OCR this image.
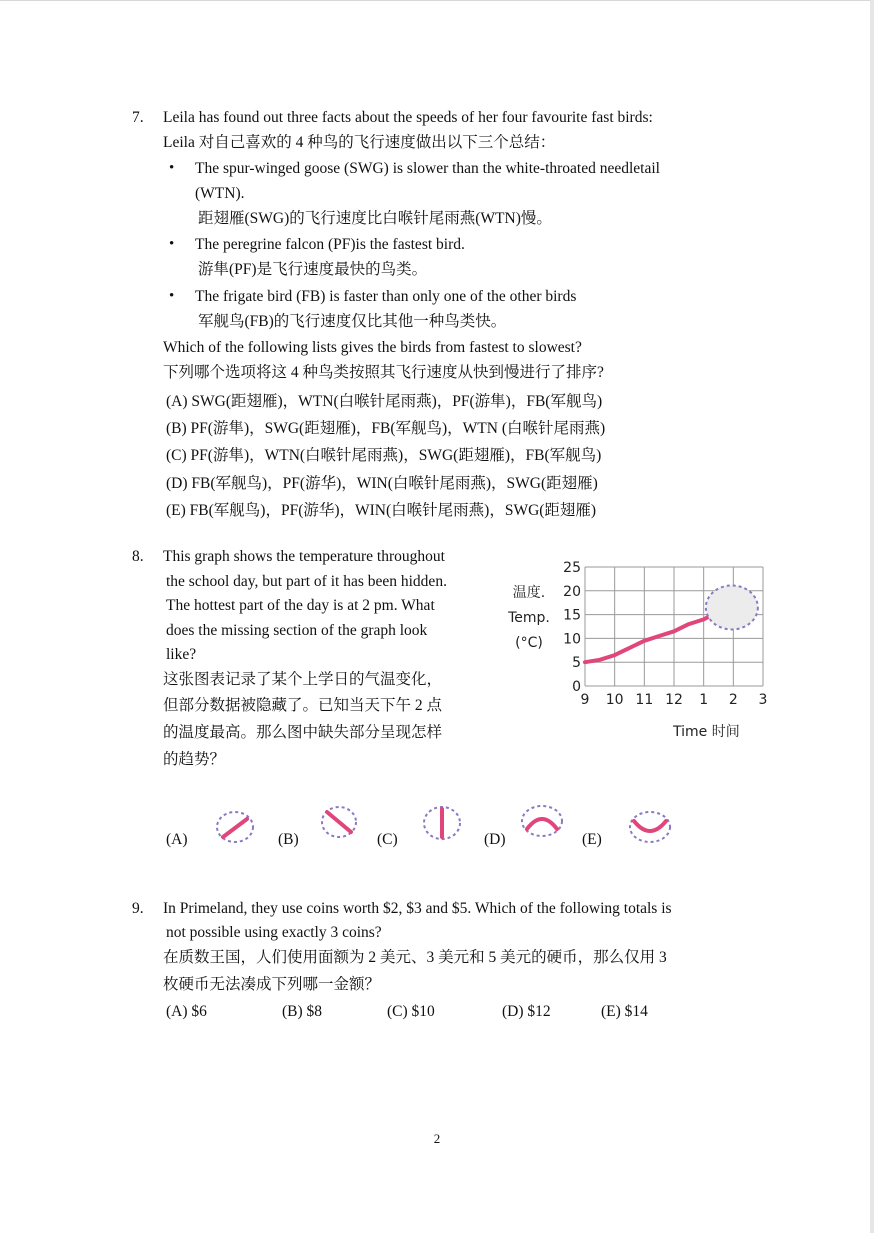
7. Leila has found out three facts about the speeds of her four favourite fast birds:
Leila 对自己喜欢的 4 种鸟的飞行速度做出以下三个总结：
• The spur-winged goose (SWG) is slower than the white-throated needletail
(WTN).
距翅雁(SWG)的飞行速度比白喉针尾雨燕(WTN)慢。
• The peregrine falcon (PF)is the fastest bird.
游隼(PF)是飞行速度最快的鸟类。
• The frigate bird (FB) is faster than only one of the other birds
军舰鸟(FB)的飞行速度仅比其他一种鸟类快。
Which of the following lists gives the birds from fastest to slowest?
下列哪个选项将这 4 种鸟类按照其飞行速度从快到慢进行了排序?
(A) SWG(距翅雁)，WTN(白喉针尾雨燕)，PF(游隼)，FB(军舰鸟)
(B) PF(游隼)，SWG(距翅雁)，FB(军舰鸟)，WTN (白喉针尾雨燕)
(C) PF(游隼)，WTN(白喉针尾雨燕)，SWG(距翅雁)，FB(军舰鸟)
(D) FB(军舰鸟)，PF(游华)，WIN(白喉针尾雨燕)，SWG(距翅雁)
(E) FB(军舰鸟)，PF(游华)，WIN(白喉针尾雨燕)，SWG(距翅雁)
8. This graph shows the temperature throughout
the school day, but part of it has been hidden.
The hottest part of the day is at 2 pm. What
does the missing section of the graph look
like?
这张图表记录了某个上学日的气温变化，
但部分数据被隐藏了。已知当天下午 2 点
的温度最高。那么图中缺失部分呈现怎样
的趋势？
0
5
10
15
20
25
9 10 11 12 1 2 3
温度.
Temp.
(°C)
Time 时间
(A)	(B)	(C)	(D)	(E)
9. In Primeland, they use coins worth $2, $3 and $5. Which of the following totals is
not possible using exactly 3 coins?
在质数王国，人们使用面额为 2 美元、3 美元和 5 美元的硬币，那么仅用 3
枚硬币无法凑成下列哪一金额？
(A) $6	(B) $8	(C) $10	(D) $12	(E) $14
2
